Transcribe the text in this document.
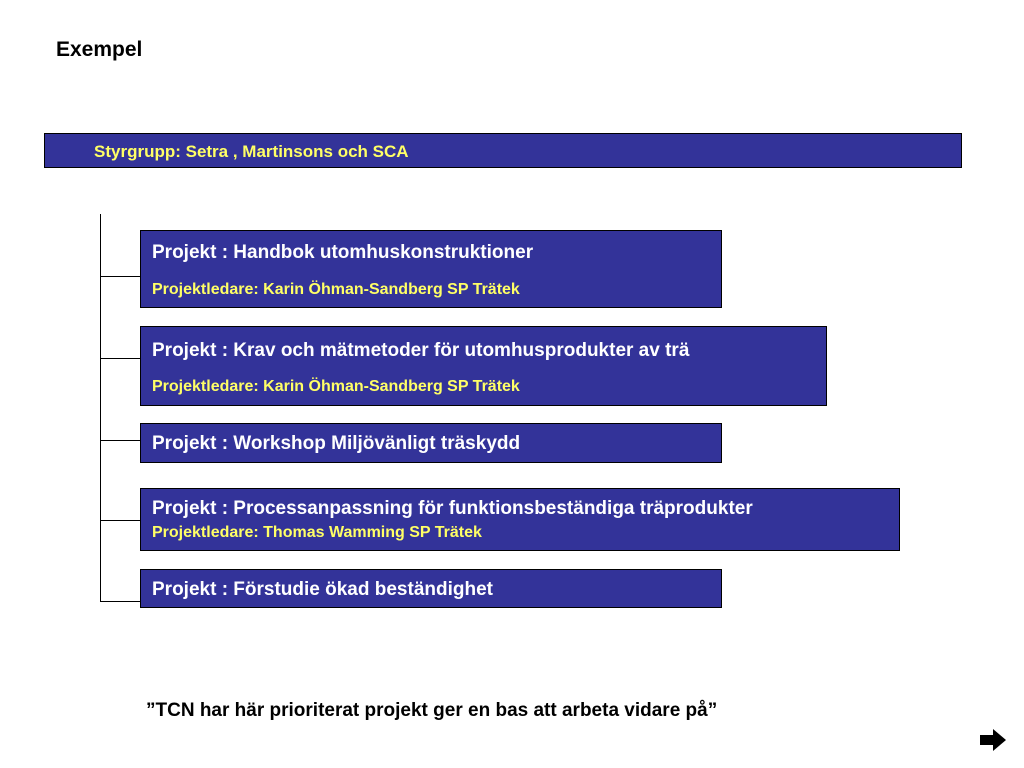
Exempel
Styrgrupp: Setra , Martinsons och SCA
Projekt : Handbok utomhuskonstruktioner
Projektledare: Karin Öhman-Sandberg SP Trätek
Projekt : Krav och mätmetoder för utomhusprodukter av trä
Projektledare: Karin Öhman-Sandberg SP Trätek
Projekt : Workshop Miljövänligt träskydd
Projekt : Processanpassning för funktionsbeständiga träprodukter
Projektledare: Thomas Wamming SP Trätek
Projekt : Förstudie ökad beständighet
”TCN har här prioriterat projekt ger en bas att arbeta vidare på”
